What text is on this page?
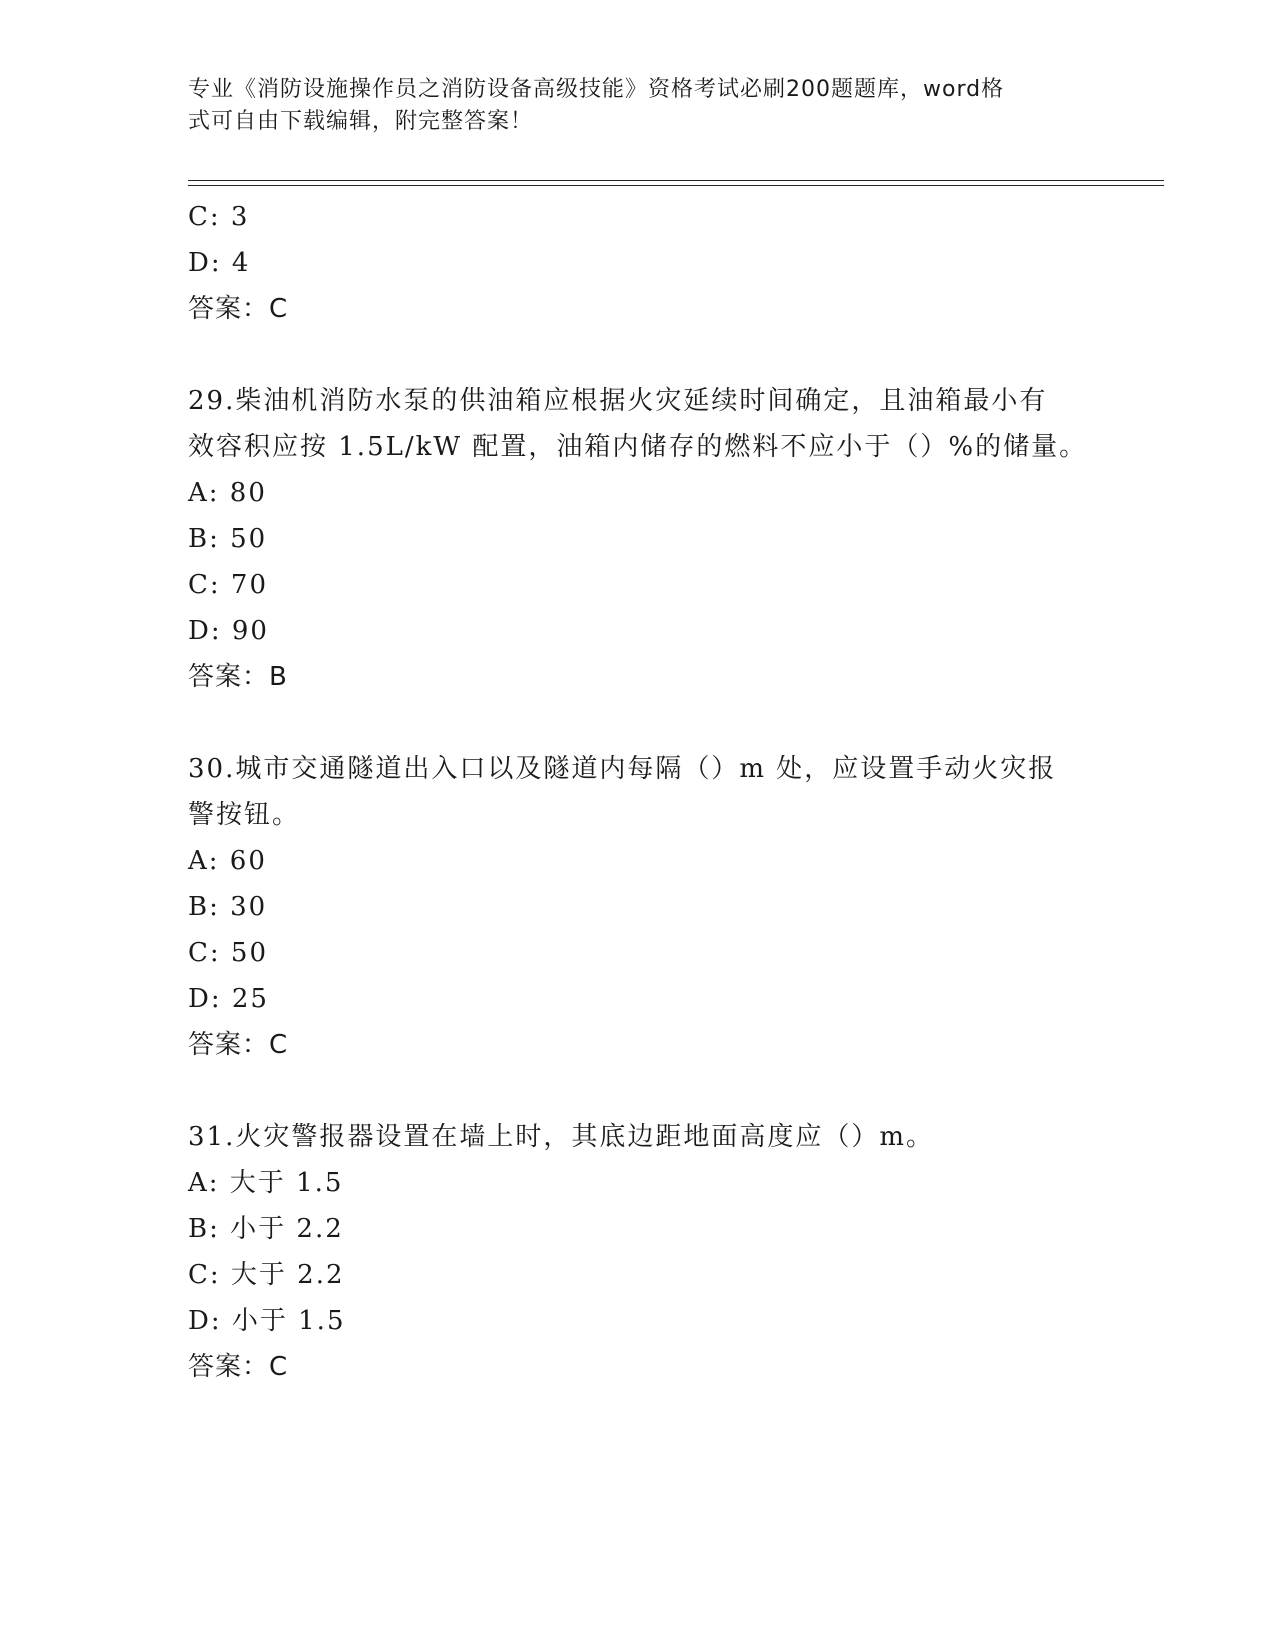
专业《消防设施操作员之消防设备高级技能》资格考试必刷200题题库，word格
式可自由下载编辑，附完整答案！
C: 3
D: 4
答案：C
29.柴油机消防水泵的供油箱应根据火灾延续时间确定，且油箱最小有
效容积应按 1.5L/kW 配置，油箱内储存的燃料不应小于（）%的储量。
A: 80
B: 50
C: 70
D: 90
答案：B
30.城市交通隧道出入口以及隧道内每隔（）m 处，应设置手动火灾报
警按钮。
A: 60
B: 30
C: 50
D: 25
答案：C
31.火灾警报器设置在墙上时，其底边距地面高度应（）m。
A: 大于 1.5
B: 小于 2.2
C: 大于 2.2
D: 小于 1.5
答案：C
